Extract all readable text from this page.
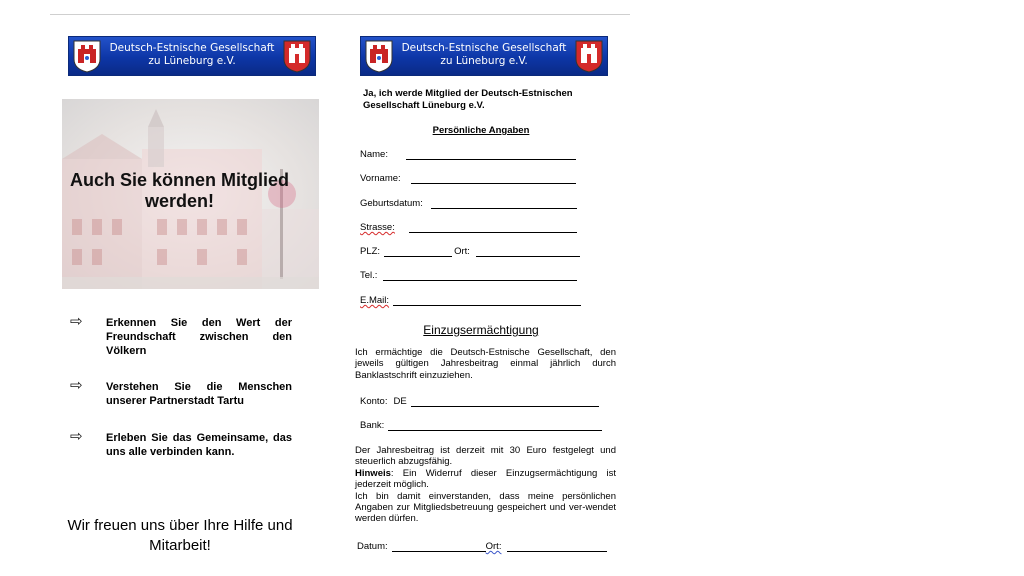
Deutsch-Estnische Gesellschaft
zu Lüneburg e.V.
Auch Sie können Mitglied werden!
⇨ Erkennen Sie den Wert der Freundschaft zwischen den Völkern
⇨ Verstehen Sie die Menschen unserer Partnerstadt Tartu
⇨ Erleben Sie das Gemeinsame, das uns alle verbinden kann.
Wir freuen uns über Ihre Hilfe und Mitarbeit!
Deutsch-Estnische Gesellschaft
zu Lüneburg e.V.
Ja, ich werde Mitglied der Deutsch-Estnischen Gesellschaft Lüneburg e.V.
Persönliche Angaben
Name:
Vorname:
Geburtsdatum:
Strasse:
PLZ:	Ort:
Tel.:
E.Mail:
Einzugsermächtigung
Ich ermächtige die Deutsch-Estnische Gesellschaft, den jeweils gültigen Jahresbeitrag einmal jährlich durch Banklastschrift einzuziehen.
Konto: DE
Bank:
Der Jahresbeitrag ist derzeit mit 30 Euro festgelegt und steuerlich abzugsfähig.
Hinweis: Ein Widerruf dieser Einzugsermächtigung ist jederzeit möglich.
Ich bin damit einverstanden, dass meine persönlichen Angaben zur Mitgliedsbetreuung gespeichert und ver-wendet werden dürfen.
Datum:	Ort:
